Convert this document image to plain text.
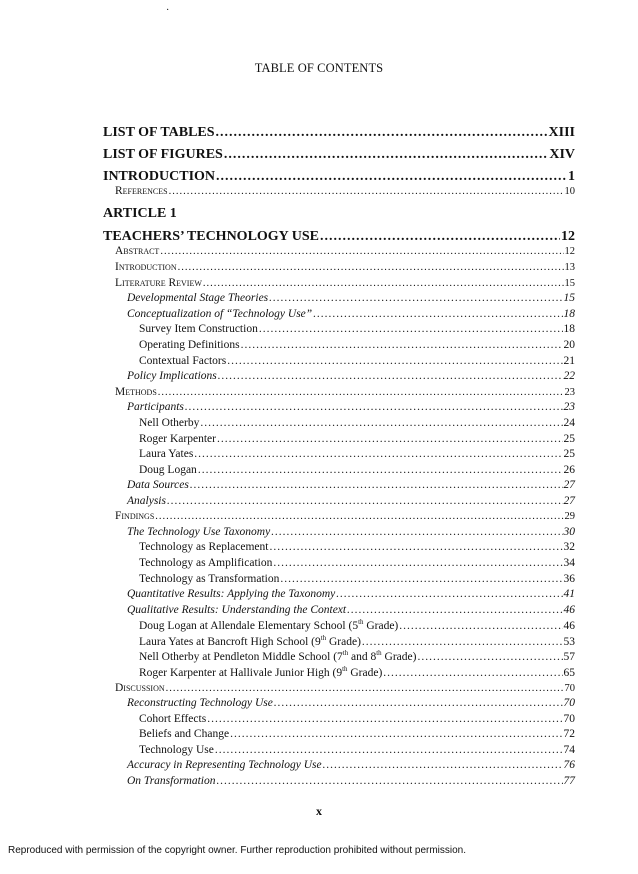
·
TABLE OF CONTENTS
LIST OF TABLES .....	XIII
LIST OF FIGURES .....	XIV
INTRODUCTION .....	1
References .....	10
ARTICLE 1
TEACHERS’ TECHNOLOGY USE .....	12
Abstract .....	12
Introduction .....	13
Literature Review .....	15
Developmental Stage Theories .....	15
Conceptualization of “Technology Use” .....	18
Survey Item Construction .....	18
Operating Definitions .....	20
Contextual Factors .....	21
Policy Implications .....	22
Methods .....	23
Participants .....	23
Nell Otherby .....	24
Roger Karpenter .....	25
Laura Yates .....	25
Doug Logan .....	26
Data Sources .....	27
Analysis .....	27
Findings .....	29
The Technology Use Taxonomy .....	30
Technology as Replacement .....	32
Technology as Amplification .....	34
Technology as Transformation .....	36
Quantitative Results: Applying the Taxonomy .....	41
Qualitative Results: Understanding the Context .....	46
Doug Logan at Allendale Elementary School (5th Grade) .....	46
Laura Yates at Bancroft High School (9th Grade) .....	53
Nell Otherby at Pendleton Middle School (7th and 8th Grade) .....	57
Roger Karpenter at Hallivale Junior High (9th Grade) .....	65
Discussion .....	70
Reconstructing Technology Use .....	70
Cohort Effects .....	70
Beliefs and Change .....	72
Technology Use .....	74
Accuracy in Representing Technology Use .....	76
On Transformation .....	77
x
Reproduced with permission of the copyright owner. Further reproduction prohibited without permission.
